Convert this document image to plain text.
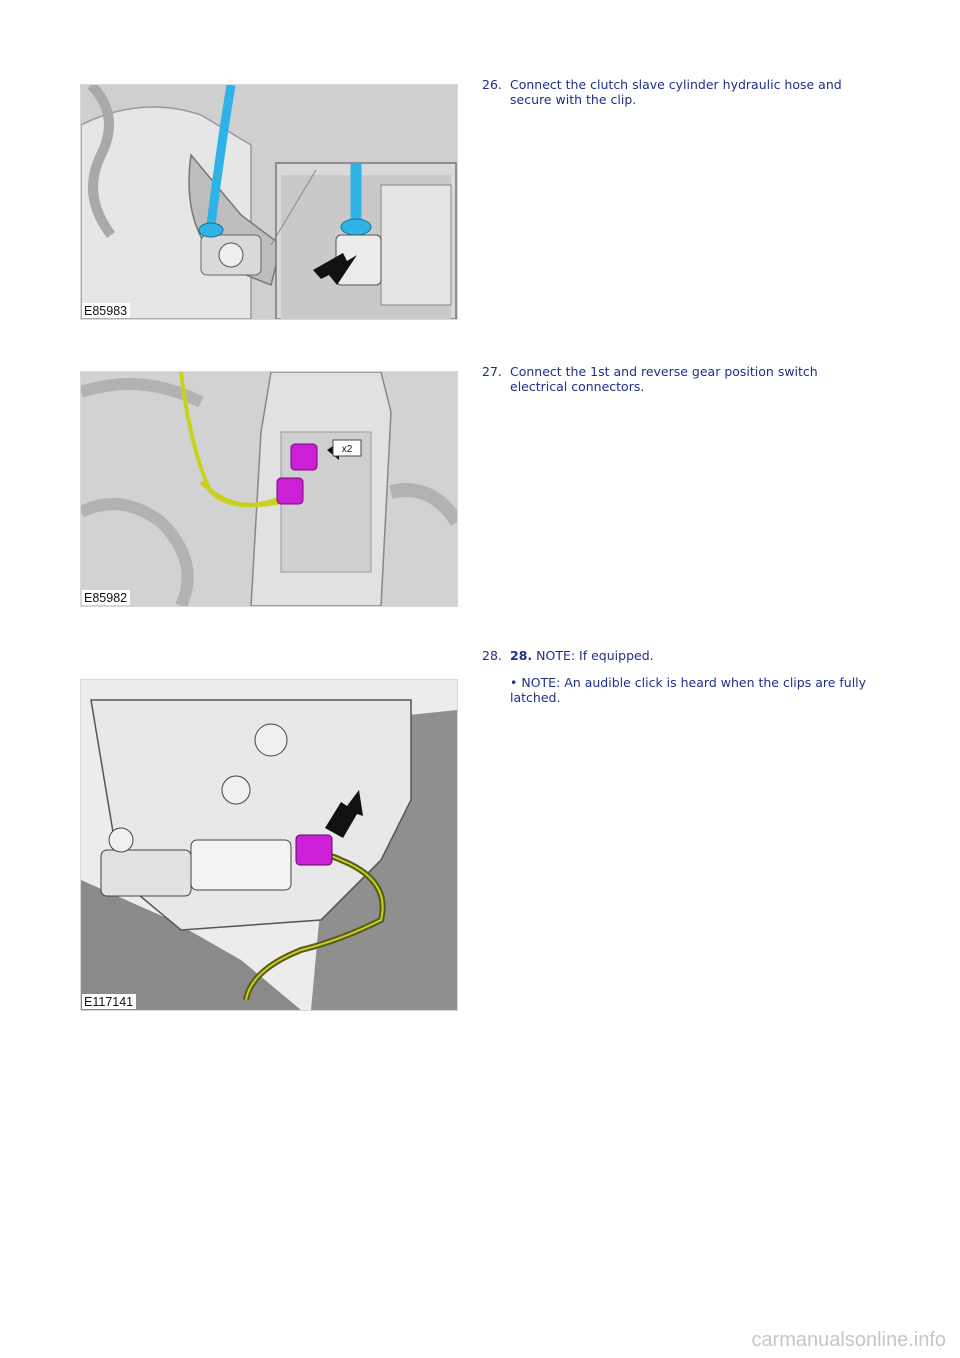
E85983
26. Connect the clutch slave cylinder hydraulic hose and secure with the clip.

x2
E85982
27. Connect the 1st and reverse gear position switch electrical connectors.

E117141
28. 28. NOTE: If equipped.

• NOTE: An audible click is heard when the clips are fully latched.

carmanualsonline.info
